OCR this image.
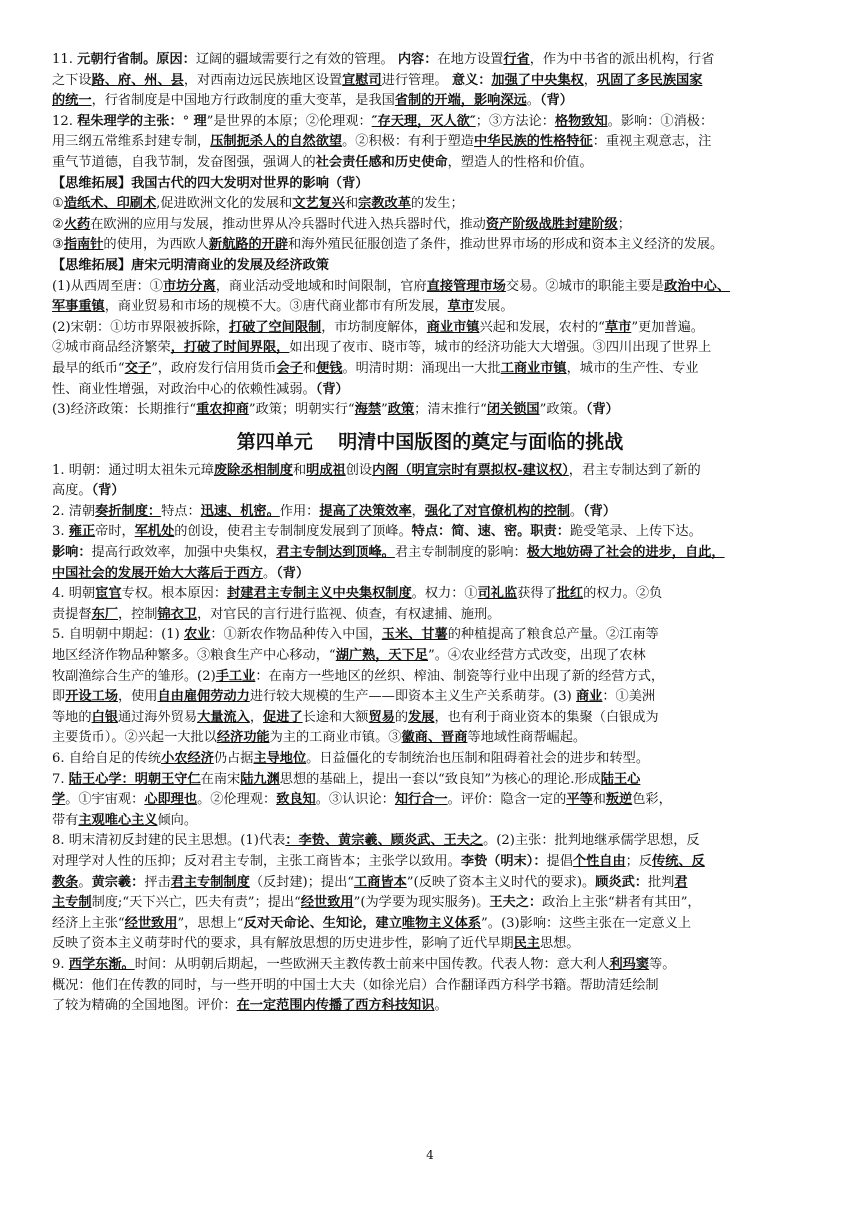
11. 元朝行省制。原因：辽阔的疆域需要行之有效的管理。 内容：在地方设置行省，作为中书省的派出机构，行省
之下设路、府、州、县，对西南边远民族地区设置宣慰司进行管理。 意义：加强了中央集权，巩固了多民族国家
的统一，行省制度是中国地方行政制度的重大变革，是我国省制的开端，影响深远。（背）
12. 程朱理学的主张：° 理”是世界的本原；②伦理观：″存天理，灭人欲″；③方法论：格物致知。影响：①消极：
用三纲五常维系封建专制，压制扼杀人的自然欲望。②积极：有利于塑造中华民族的性格特征：重视主观意志，注
重气节道德，自我节制，发奋图强，强调人的社会责任感和历史使命，塑造人的性格和价值。
【思维拓展】我国古代的四大发明对世界的影响（背）
①造纸术、印刷术,促进欧洲文化的发展和文艺复兴和宗教改革的发生；
②火药在欧洲的应用与发展，推动世界从冷兵器时代进入热兵器时代，推动资产阶级战胜封建阶级；
③指南针的使用，为西欧人新航路的开辟和海外殖民征服创造了条件，推动世界市场的形成和资本主义经济的发展。
【思维拓展】唐宋元明清商业的发展及经济政策
(1)从西周至唐：①市坊分离，商业活动受地域和时间限制，官府直接管理市场交易。②城市的职能主要是政治中心、
军事重镇，商业贸易和市场的规模不大。③唐代商业都市有所发展，草市发展。
(2)宋朝：①坊市界限被拆除，打破了空间限制，市坊制度解体，商业市镇兴起和发展，农村的“草市”更加普遍。
②城市商品经济繁荣，打破了时间界限，如出现了夜市、晓市等，城市的经济功能大大增强。③四川出现了世界上
最早的纸币“交子”，政府发行信用货币会子和便钱。明清时期：涌现出一大批工商业市镇，城市的生产性、专业
性、商业性增强，对政治中心的依赖性减弱。（背）
(3)经济政策：长期推行“重农抑商”政策；明朝实行“海禁”政策；清末推行“闭关锁国”政策。（背）
第四单元　 明清中国版图的奠定与面临的挑战
1. 明朝：通过明太祖朱元璋废除丞相制度和明成祖创设内阁（明宣宗时有票拟权-建议权），君主专制达到了新的
高度。（背）
2. 清朝奏折制度：特点：迅速、机密。作用：提高了决策效率，强化了对官僚机构的控制。（背）
3. 雍正帝时，军机处的创设，使君主专制制度发展到了顶峰。特点：简、速、密。职责：跪受笔录、上传下达。
影响：提高行政效率，加强中央集权，君主专制达到顶峰。君主专制制度的影响：极大地妨碍了社会的进步，自此，
中国社会的发展开始大大落后于西方。（背）
4. 明朝宦官专权。根本原因：封建君主专制主义中央集权制度。权力：①司礼监获得了批红的权力。②负
责提督东厂，控制锦衣卫，对官民的言行进行监视、侦查，有权逮捕、施刑。
5. 自明朝中期起：(1) 农业：①新农作物品种传入中国，玉米、甘薯的种植提高了粮食总产量。②江南等
地区经济作物品种繁多。③粮食生产中心移动，“湖广熟，天下足”。④农业经营方式改变，出现了农林
牧副渔综合生产的雏形。(2)手工业：在南方一些地区的丝织、榨油、制瓷等行业中出现了新的经营方式，
即开设工场，使用自由雇佣劳动力进行较大规模的生产——即资本主义生产关系萌芽。(3) 商业：①美洲
等地的白银通过海外贸易大量流入，促进了长途和大额贸易的发展，也有利于商业资本的集聚（白银成为
主要货币）。②兴起一大批以经济功能为主的工商业市镇。③徽商、晋商等地域性商帮崛起。
6. 自给自足的传统小农经济仍占据主导地位。日益僵化的专制统治也压制和阻碍着社会的进步和转型。
7. 陆王心学：明朝王守仁在南宋陆九渊思想的基础上，提出一套以“致良知”为核心的理论.形成陆王心
学。①宇宙观：心即理也。②伦理观：致良知。③认识论：知行合一。评价：隐含一定的平等和叛逆色彩，
带有主观唯心主义倾向。
8. 明末清初反封建的民主思想。(1)代表：李贽、黄宗羲、顾炎武、王夫之。(2)主张：批判地继承儒学思想，反
对理学对人性的压抑；反对君主专制，主张工商皆本；主张学以致用。李贽（明末）：提倡个性自由；反传统、反
教条。黄宗羲：抨击君主专制制度（反封建)；提出“工商皆本”(反映了资本主义时代的要求)。顾炎武：批判君
主专制制度;“天下兴亡，匹夫有责”；提出“经世致用”(为学要为现实服务)。王夫之：政治上主张“耕者有其田”，
经济上主张“经世致用”，思想上“反对天命论、生知论，建立唯物主义体系”。(3)影响：这些主张在一定意义上
反映了资本主义萌芽时代的要求，具有解放思想的历史进步性，影响了近代早期民主思想。
9. 西学东渐。时间：从明朝后期起，一些欧洲天主教传教士前来中国传教。代表人物：意大利人利玛窦等。
概况：他们在传教的同时，与一些开明的中国士大夫（如徐光启）合作翻译西方科学书籍。帮助清廷绘制
了较为精确的全国地图。评价：在一定范围内传播了西方科技知识。
4
